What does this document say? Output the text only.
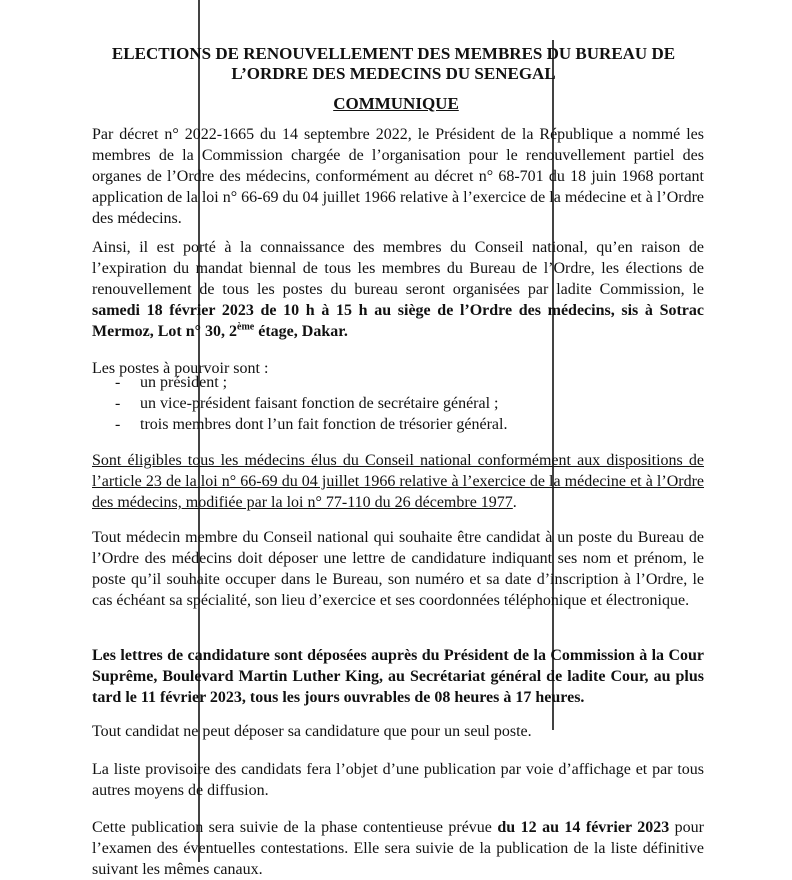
ELECTIONS DE RENOUVELLEMENT DES MEMBRES DU BUREAU DE

L’ORDRE DES MEDECINS DU SENEGAL

COMMUNIQUE

Par décret n° 2022-1665 du 14 septembre 2022, le Président de la République a nommé les membres de la Commission chargée de l’organisation pour le renouvellement partiel des organes de l’Ordre des médecins, conformément au décret n° 68-701 du 18 juin 1968 portant application de la loi n° 66-69 du 04 juillet 1966 relative à l’exercice de la médecine et à l’Ordre des médecins.

Ainsi, il est porté à la connaissance des membres du Conseil national, qu’en raison de l’expiration du mandat biennal de tous les membres du Bureau de l’Ordre, les élections de renouvellement de tous les postes du bureau seront organisées par ladite Commission, le samedi 18 février 2023 de 10 h à 15 h au siège de l’Ordre des médecins, sis à Sotrac Mermoz, Lot n° 30, 2ème étage, Dakar.

Les postes à pourvoir sont :

- un président ;
- un vice-président faisant fonction de secrétaire général ;
- trois membres dont l’un fait fonction de trésorier général.

Sont éligibles tous les médecins élus du Conseil national conformément aux dispositions de l’article 23 de la loi n° 66-69 du 04 juillet 1966 relative à l’exercice de la médecine et à l’Ordre des médecins, modifiée par la loi n° 77-110 du 26 décembre 1977.

Tout médecin membre du Conseil national qui souhaite être candidat à un poste du Bureau de l’Ordre des médecins doit déposer une lettre de candidature indiquant ses nom et prénom, le poste qu’il souhaite occuper dans le Bureau, son numéro et sa date d’inscription à l’Ordre, le cas échéant sa spécialité, son lieu d’exercice et ses coordonnées téléphonique et électronique.

Les lettres de candidature sont déposées auprès du Président de la Commission à la Cour Suprême, Boulevard Martin Luther King, au Secrétariat général de ladite Cour, au plus tard le 11 février 2023, tous les jours ouvrables de 08 heures à 17 heures.

Tout candidat ne peut déposer sa candidature que pour un seul poste.

La liste provisoire des candidats fera l’objet d’une publication par voie d’affichage et par tous autres moyens de diffusion.

Cette publication sera suivie de la phase contentieuse prévue du 12 au 14 février 2023 pour l’examen des éventuelles contestations. Elle sera suivie de la publication de la liste définitive suivant les mêmes canaux.
